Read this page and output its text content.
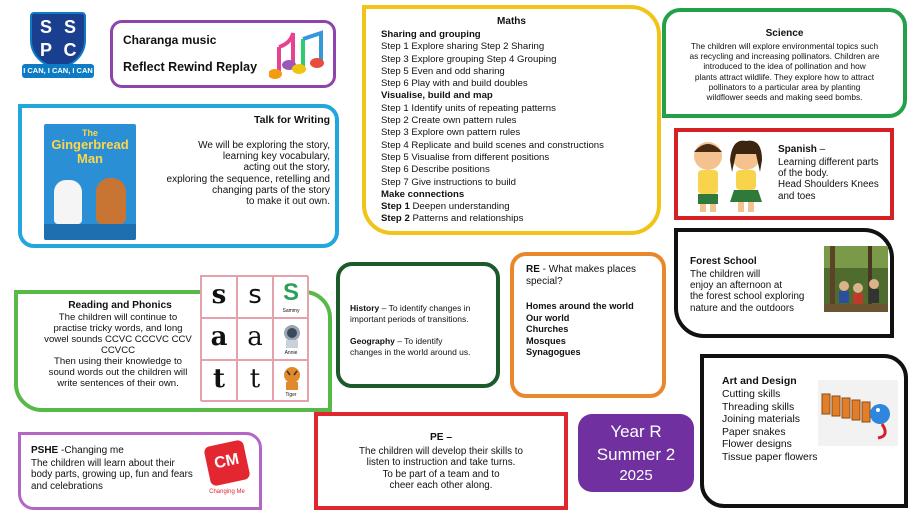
S S
P C
I CAN, I CAN, I CAN
Charanga music
Reflect Rewind Replay
Talk for Writing
The
Gingerbread
Man
We will be exploring the story,
learning key vocabulary,
acting out the story,
exploring the sequence, retelling and
changing parts of the story
to make it out own.
Maths
Sharing and grouping
Step 1 Explore sharing Step 2 Sharing
Step 3 Explore grouping Step 4 Grouping
Step 5 Even and odd sharing
Step 6 Play with and build doubles
Visualise, build and map
Step 1 Identify units of repeating patterns
Step 2 Create own pattern rules
Step 3 Explore own pattern rules
Step 4 Replicate and build scenes and constructions
Step 5 Visualise from different positions
Step 6 Describe positions
Step 7 Give instructions to build
Make connections
Step 1 Deepen understanding
Step 2 Patterns and relationships
Science
The children will explore environmental topics such
as recycling and increasing pollinators. Children are
introduced to the idea of pollination and how
plants attract wildlife. They explore how to attract
pollinators to a particular area by planting
wildflower seeds and making seed bombs.
Spanish –
Learning different parts
of the body.
Head Shoulders Knees
and toes
Forest School
The children will
enjoy an afternoon at
the forest school exploring
nature and the outdoors
Art and Design
Cutting skills
Threading skills
Joining materials
Paper snakes
Flower designs
Tissue paper flowers
Reading and Phonics
The children will continue to
practise tricky words, and long
vowel sounds CCVC CCCVC CCV
CCVCC
Then using their knowledge to
sound words out the children will
write sentences of their own.
s s S
Sammy
a a
Annie
t t
Tiger
History – To identify changes in
important periods of transitions.
Geography – To identify
changes in the world around us.
RE - What makes places
special?
Homes around the world
Our world
Churches
Mosques
Synagogues
PSHE -Changing me
The children will learn about their
body parts, growing up, fun and fears
and celebrations
CM
Changing Me
PE –
The children will develop their skills to
listen to instruction and take turns.
To be part of a team and to
cheer each other along.
Year R
Summer 2
2025
